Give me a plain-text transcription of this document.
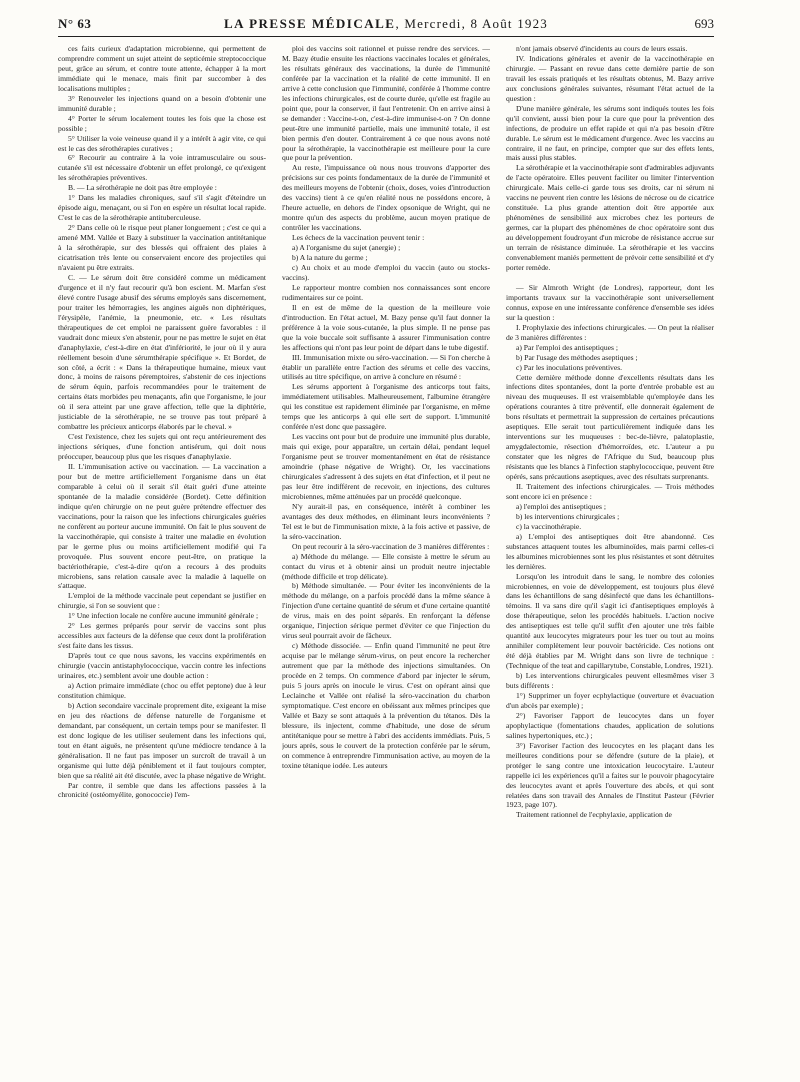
N° 63	LA PRESSE MÉDICALE, Mercredi, 8 Août 1923	693

ces faits curieux d'adaptation microbienne, qui permettent de comprendre comment un sujet atteint de septicémie streptococcique peut, grâce au sérum, et contre toute attente, échapper à la mort immédiate qui le menace, mais finit par succomber à des localisations multiples ;

3° Renouveler les injections quand on a besoin d'obtenir une immunité durable ;

4° Porter le sérum localement toutes les fois que la chose est possible ;

5° Utiliser la voie veineuse quand il y a intérêt à agir vite, ce qui est le cas des sérothérapies curatives ;

6° Recourir au contraire à la voie intramusculaire ou sous-cutanée s'il est nécessaire d'obtenir un effet prolongé, ce qu'exigent les sérothérapies préventives.

B. — La sérothérapie ne doit pas être employée :

1° Dans les maladies chroniques, sauf s'il s'agit d'éteindre un épisode aigu, menaçant, ou si l'on en espère un résultat local rapide. C'est le cas de la sérothérapie antituberculeuse.

2° Dans celle où le risque peut planer longuement ; c'est ce qui a amené MM. Vallée et Bazy à substituer la vaccination antitétanique à la sérothérapie, sur des blessés qui offraient des plaies à cicatrisation très lente ou conservaient encore des projectiles qui n'avaient pu être extraits.

C. — Le sérum doit être considéré comme un médicament d'urgence et il n'y faut recourir qu'à bon escient. M. Marfan s'est élevé contre l'usage abusif des sérums employés sans discernement, pour traiter les hémorragies, les angines aiguës non diphtériques, l'érysipèle, l'anémie, la pneumonie, etc. « Les résultats thérapeutiques de cet emploi ne paraissent guère favorables : il vaudrait donc mieux s'en abstenir, pour ne pas mettre le sujet en état d'anaphylaxie, c'est-à-dire en état d'infériorité, le jour où il y aura réellement besoin d'une sérumthérapie spécifique ». Et Bordet, de son côté, a écrit : « Dans la thérapeutique humaine, mieux vaut donc, à moins de raisons péremptoires, s'abstenir de ces injections de sérum équin, parfois recommandées pour le traitement de certains états morbides peu menaçants, afin que l'organisme, le jour où il sera atteint par une grave affection, telle que la diphtérie, justiciable de la sérothérapie, ne se trouve pas tout préparé à combattre les précieux anticorps élaborés par le cheval. »

C'est l'existence, chez les sujets qui ont reçu antérieurement des injections sériques, d'une fonction antisérum, qui doit nous préoccuper, beaucoup plus que les risques d'anaphylaxie.

II. L'immunisation active ou vaccination. — La vaccination a pour but de mettre artificiellement l'organisme dans un état comparable à celui où il serait s'il était guéri d'une atteinte spontanée de la maladie considérée (Bordet). Cette définition indique qu'en chirurgie on ne peut guère prétendre effectuer des vaccinations, pour la raison que les infections chirurgicales guéries ne confèrent au porteur aucune immunité. On fait le plus souvent de la vaccinothérapie, qui consiste à traiter une maladie en évolution par le germe plus ou moins artificiellement modifié qui l'a provoquée. Plus souvent encore peut-être, on pratique la bactériothérapie, c'est-à-dire qu'on a recours à des produits microbiens, sans relation causale avec la maladie à laquelle on s'attaque.

L'emploi de la méthode vaccinale peut cependant se justifier en chirurgie, si l'on se souvient que :

1° Une infection locale ne confère aucune immunité générale ;

2° Les germes préparés pour servir de vaccins sont plus accessibles aux facteurs de la défense que ceux dont la prolifération s'est faite dans les tissus.

D'après tout ce que nous savons, les vaccins expérimentés en chirurgie (vaccin antistaphylococcique, vaccin contre les infections urinaires, etc.) semblent avoir une double action :

a) Action primaire immédiate (choc ou effet peptone) due à leur constitution chimique.

b) Action secondaire vaccinale proprement dite, exigeant la mise en jeu des réactions de défense naturelle de l'organisme et demandant, par conséquent, un certain temps pour se manifester. Il est donc logique de les utiliser seulement dans les infections qui, tout en étant aiguës, ne présentent qu'une médiocre tendance à la généralisation. Il ne faut pas imposer un surcroît de travail à un organisme qui lutte déjà péniblement et il faut toujours compter, bien que sa réalité ait été discutée, avec la phase négative de Wright.

Par contre, il semble que dans les affections passées à la chronicité (ostéomyélite, gonococcie) l'em-

ploi des vaccins soit rationnel et puisse rendre des services. — M. Bazy étudie ensuite les réactions vaccinales locales et générales, les résultats généraux des vaccinations, la durée de l'immunité conférée par la vaccination et la réalité de cette immunité. Il en arrive à cette conclusion que l'immunité, conférée à l'homme contre les infections chirurgicales, est de courte durée, qu'elle est fragile au point que, pour la conserver, il faut l'entretenir. On en arrive ainsi à se demander : Vaccine-t-on, c'est-à-dire immunise-t-on ? On donne peut-être une immunité partielle, mais une immunité totale, il est bien permis d'en douter. Contrairement à ce que nous avons noté pour la sérothérapie, la vaccinothérapie est meilleure pour la cure que pour la prévention.

Au reste, l'impuissance où nous nous trouvons d'apporter des précisions sur ces points fondamentaux de la durée de l'immunité et des meilleurs moyens de l'obtenir (choix, doses, voies d'introduction des vaccins) tient à ce qu'en réalité nous ne possédons encore, à l'heure actuelle, en dehors de l'index opsonique de Wright, qui ne montre qu'un des aspects du problème, aucun moyen pratique de contrôler les vaccinations.

Les échecs de la vaccination peuvent tenir :

a) A l'organisme du sujet (anergie) ;

b) A la nature du germe ;

c) Au choix et au mode d'emploi du vaccin (auto ou stocks-vaccins).

Le rapporteur montre combien nos connaissances sont encore rudimentaires sur ce point.

Il en est de même de la question de la meilleure voie d'introduction. En l'état actuel, M. Bazy pense qu'il faut donner la préférence à la voie sous-cutanée, la plus simple. Il ne pense pas que la voie buccale soit suffisante à assurer l'immunisation contre les affections qui n'ont pas leur point de départ dans le tube digestif.

III. Immunisation mixte ou séro-vaccination. — Si l'on cherche à établir un parallèle entre l'action des sérums et celle des vaccins, utilisés au titre spécifique, on arrive à conclure en résumé :

Les sérums apportent à l'organisme des anticorps tout faits, immédiatement utilisables. Malheureusement, l'albumine étrangère qui les constitue est rapidement éliminée par l'organisme, en même temps que les anticorps à qui elle sert de support. L'immunité conférée n'est donc que passagère.

Les vaccins ont pour but de produire une immunité plus durable, mais qui exige, pour apparaître, un certain délai, pendant lequel l'organisme peut se trouver momentanément en état de résistance amoindrie (phase négative de Wright). Or, les vaccinations chirurgicales s'adressent à des sujets en état d'infection, et il peut ne pas leur être indifférent de recevoir, en injections, des cultures microbiennes, même atténuées par un procédé quelconque.

N'y aurait-il pas, en conséquence, intérêt à combiner les avantages des deux méthodes, en éliminant leurs inconvénients ? Tel est le but de l'immunisation mixte, à la fois active et passive, de la séro-vaccination.

On peut recourir à la séro-vaccination de 3 manières différentes :

a) Méthode du mélange. — Elle consiste à mettre le sérum au contact du virus et à obtenir ainsi un produit neutre injectable (méthode difficile et trop délicate).

b) Méthode simultanée. — Pour éviter les inconvénients de la méthode du mélange, on a parfois procédé dans la même séance à l'injection d'une certaine quantité de sérum et d'une certaine quantité de virus, mais en des point séparés. En renforçant la défense organique, l'injection sérique permet d'éviter ce que l'injection du virus seul pourrait avoir de fâcheux.

c) Méthode dissociée. — Enfin quand l'immunité ne peut être acquise par le mélange sérum-virus, on peut encore la rechercher autrement que par la méthode des injections simultanées. On procède en 2 temps. On commence d'abord par injecter le sérum, puis 5 jours après on inocule le virus. C'est on opérant ainsi que Leclainche et Vallée ont réalisé la séro-vaccination du charbon symptomatique. C'est encore en obéissant aux mêmes principes que Vallée et Bazy se sont attaqués à la prévention du tétanos. Dès la blessure, ils injectent, comme d'habitude, une dose de sérum antitétanique pour se mettre à l'abri des accidents immédiats. Puis, 5 jours après, sous le couvert de la protection conférée par le sérum, on commence à entreprendre l'immunisation active, au moyen de la toxine tétanique iodée. Les auteurs

n'ont jamais observé d'incidents au cours de leurs essais.

IV. Indications générales et avenir de la vaccinothérapie en chirurgie. — Passant en revue dans cette dernière partie de son travail les essais pratiqués et les résultats obtenus, M. Bazy arrive aux conclusions générales suivantes, résumant l'état actuel de la question :

D'une manière générale, les sérums sont indiqués toutes les fois qu'il convient, aussi bien pour la cure que pour la prévention des infections, de produire un effet rapide et qui n'a pas besoin d'être durable. Le sérum est le médicament d'urgence. Avec les vaccins au contraire, il ne faut, en principe, compter que sur des effets lents, mais aussi plus stables.

La sérothérapie et la vaccinothérapie sont d'admirables adjuvants de l'acte opératoire. Elles peuvent faciliter ou limiter l'intervention chirurgicale. Mais celle-ci garde tous ses droits, car ni sérum ni vaccins ne peuvent rien contre les lésions de nécrose ou de cicatrice constituée. La plus grande attention doit être apportée aux phénomènes de sensibilité aux microbes chez les porteurs de germes, car la plupart des phénomènes de choc opératoire sont dus au développement foudroyant d'un microbe de résistance accrue sur un terrain de résistance diminuée. La sérothérapie et les vaccins convenablement maniés permettent de prévoir cette sensibilité et d'y porter remède.

— Sir Almroth Wright (de Londres), rapporteur, dont les importants travaux sur la vaccinothérapie sont universellement connus, expose en une intéressante conférence d'ensemble ses idées sur la question :

I. Prophylaxie des infections chirurgicales. — On peut la réaliser de 3 manières différentes :

a) Par l'emploi des antiseptiques ;

b) Par l'usage des méthodes aseptiques ;

c) Par les inoculations préventives.

Cette dernière méthode donne d'excellents résultats dans les infections dites spontanées, dont la porte d'entrée probable est au niveau des muqueuses. Il est vraisemblable qu'employée dans les opérations courantes à titre préventif, elle donnerait également de bons résultats et permettrait la suppression de certaines précautions aseptiques. Elle serait tout particulièrement indiquée dans les interventions sur les muqueuses : bec-de-lièvre, palatoplastie, amygdalectomie, résection d'hémorroïdes, etc. L'auteur a pu constater que les nègres de l'Afrique du Sud, beaucoup plus résistants que les blancs à l'infection staphylococcique, peuvent être opérés, sans précautions aseptiques, avec des résultats surprenants.

II. Traitement des infections chirurgicales. — Trois méthodes sont encore ici en présence :

a) l'emploi des antiseptiques ;

b) les interventions chirurgicales ;

c) la vaccinothérapie.

a) L'emploi des antiseptiques doit être abandonné. Ces substances attaquent toutes les albuminoïdes, mais parmi celles-ci les albumines microbiennes sont les plus résistantes et sont détruites les dernières.

Lorsqu'on les introduit dans le sang, le nombre des colonies microbiennes, en voie de développement, est toujours plus élevé dans les échantillons de sang désinfecté que dans les échantillons-témoins. Il va sans dire qu'il s'agit ici d'antiseptiques employés à dose thérapeutique, selon les procédés habituels. L'action nocive des antiseptiques est telle qu'il suffit d'en ajouter une très faible quantité aux leucocytes migrateurs pour les tuer ou tout au moins annihiler complètement leur pouvoir bactéricide. Ces notions ont été déjà établies par M. Wright dans son livre de technique : (Technique of the teat and capillarytube, Constable, Londres, 1921).

b) Les interventions chirurgicales peuvent ellesmêmes viser 3 buts différents :

1°) Supprimer un foyer ecphylactique (ouverture et évacuation d'un abcès par exemple) ;

2°) Favoriser l'apport de leucocytes dans un foyer apophylactique (fomentations chaudes, application de solutions salines hypertoniques, etc.) ;

3°) Favoriser l'action des leucocytes en les plaçant dans les meilleures conditions pour se défendre (suture de la plaie), et protéger le sang contre une intoxication leucocytaire. L'auteur rappelle ici les expériences qu'il a faites sur le pouvoir phagocytaire des leucocytes avant et après l'ouverture des abcès, et qui sont relatées dans son travail des Annales de l'Institut Pasteur (Février 1923, page 107).

Traitement rationnel de l'ecphylaxie, application de
